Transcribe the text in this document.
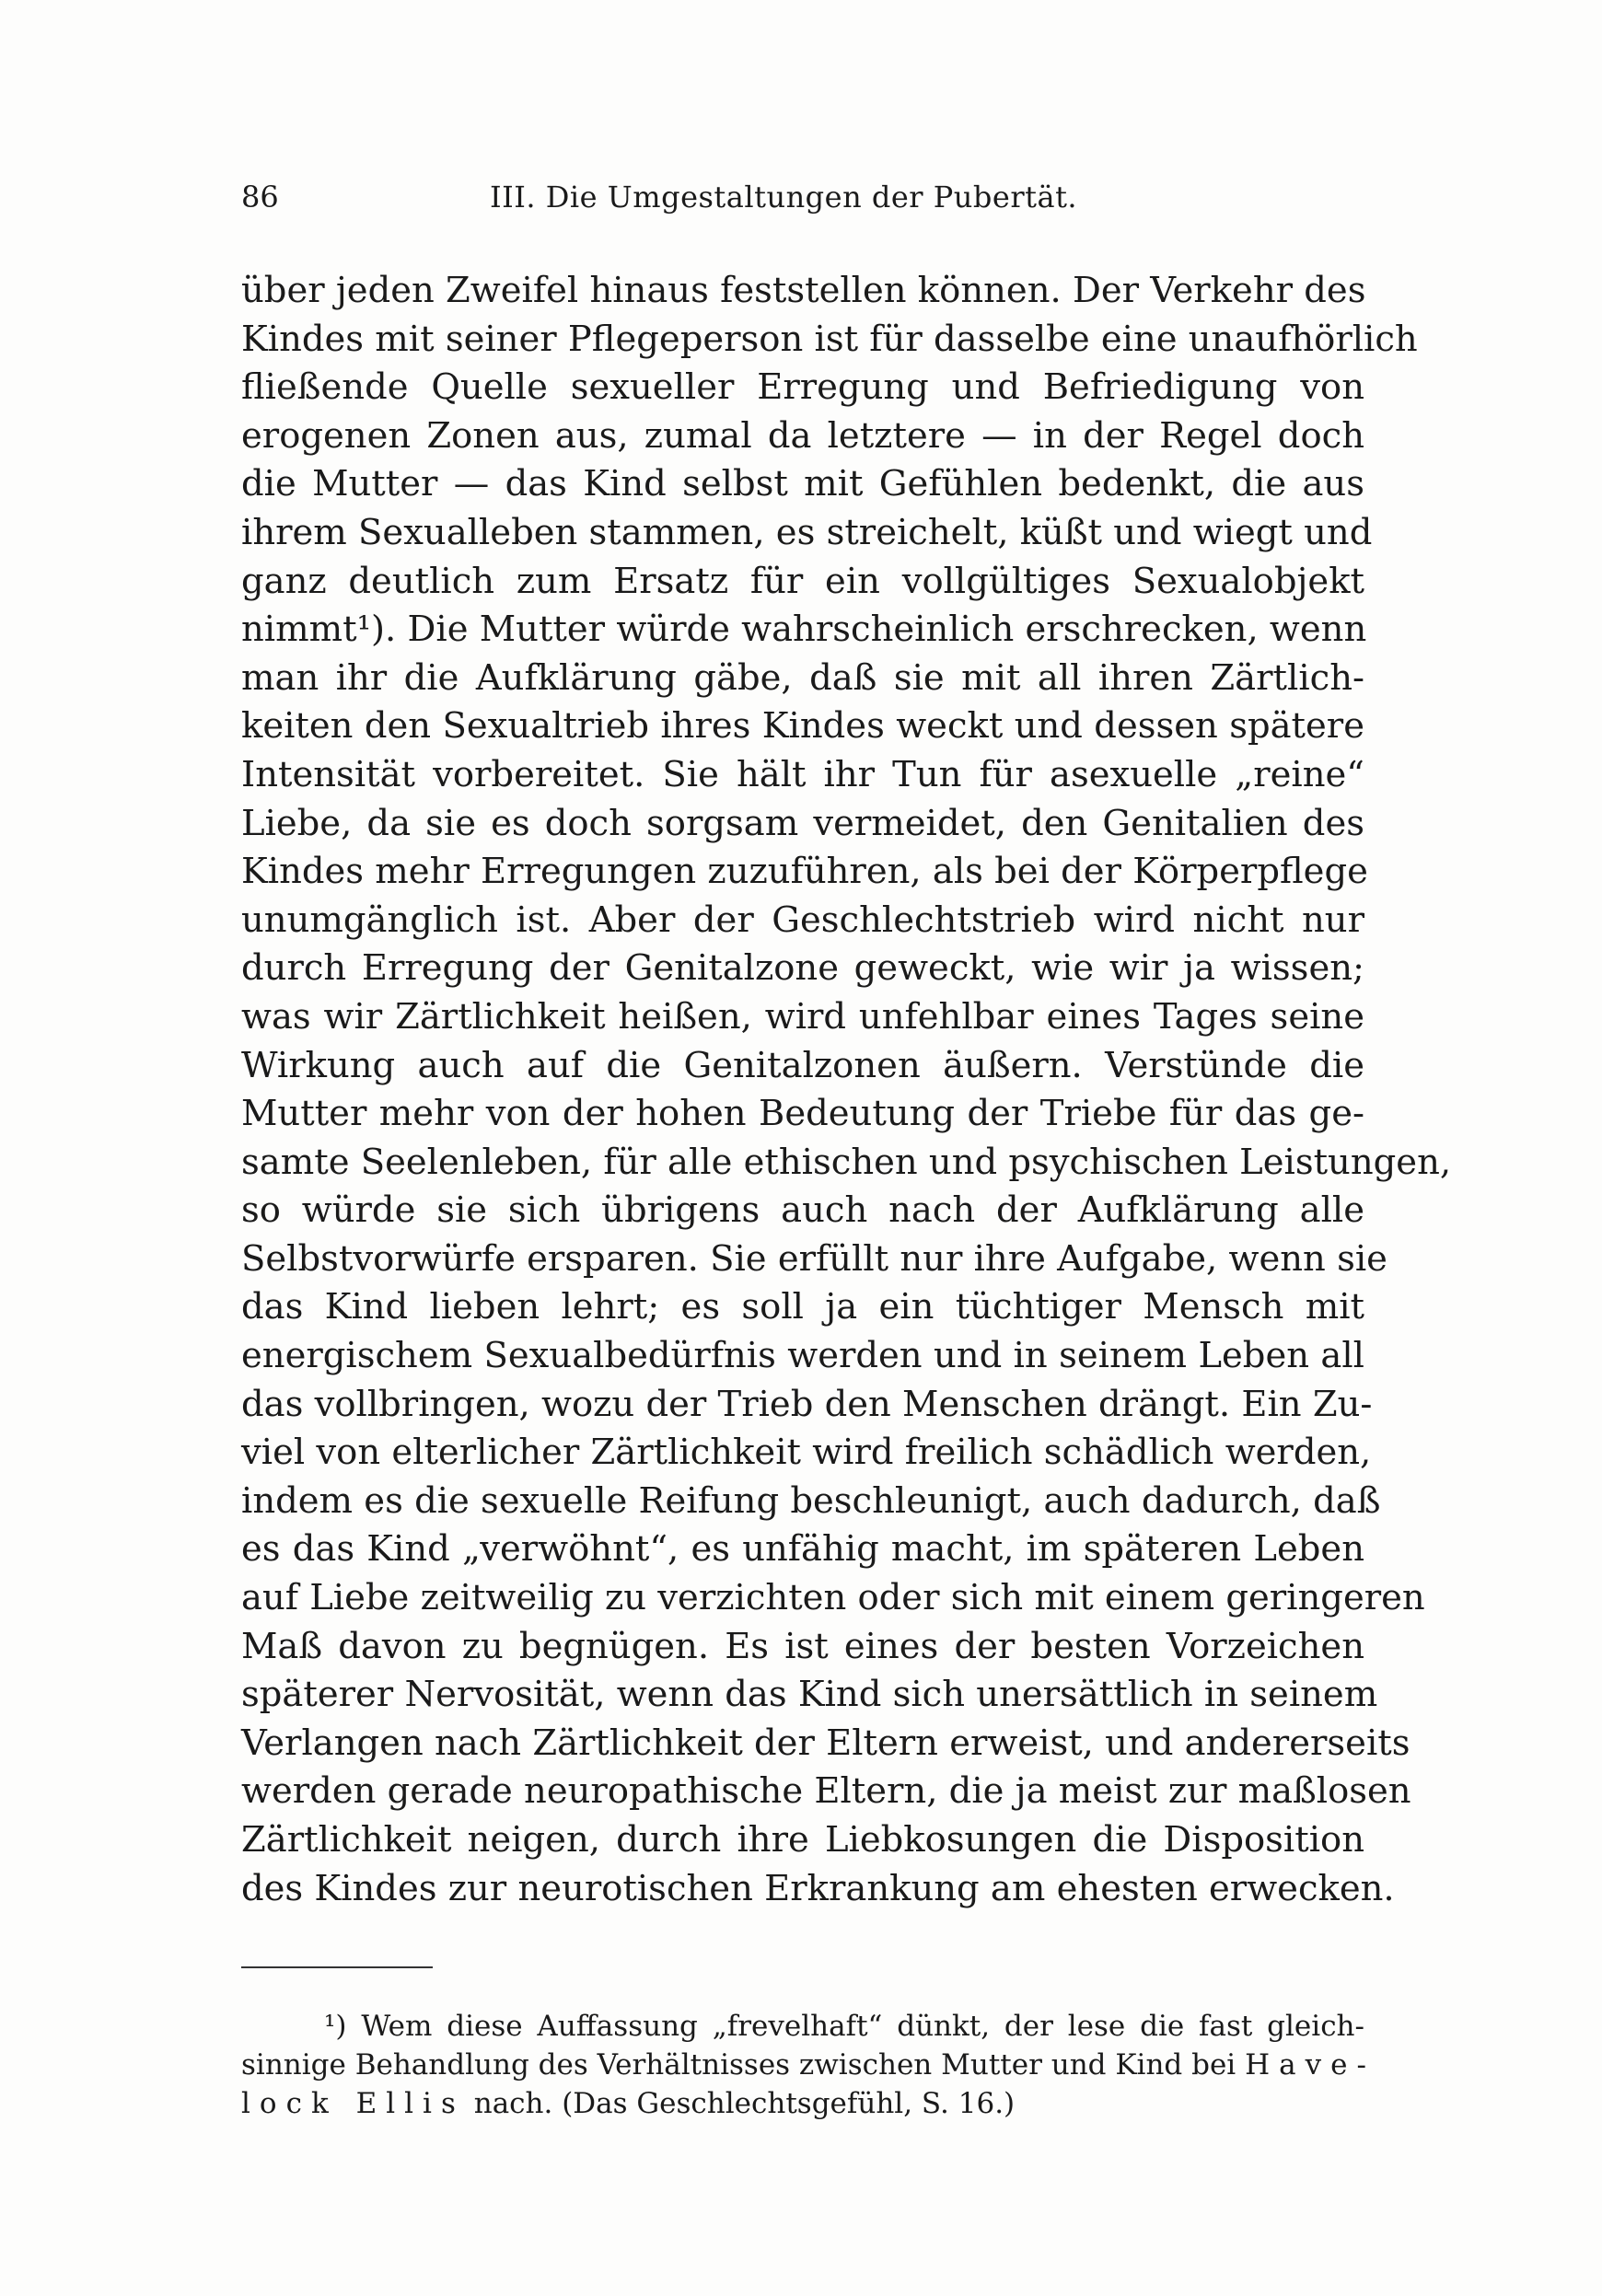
86	III. Die Umgestaltungen der Pubertät.
über jeden Zweifel hinaus feststellen können. Der Verkehr des
Kindes mit seiner Pflegeperson ist für dasselbe eine unaufhörlich
fließende Quelle sexueller Erregung und Befriedigung von
erogenen Zonen aus, zumal da letztere — in der Regel doch
die Mutter — das Kind selbst mit Gefühlen bedenkt, die aus
ihrem Sexualleben stammen, es streichelt, küßt und wiegt und
ganz deutlich zum Ersatz für ein vollgültiges Sexualobjekt
nimmt¹). Die Mutter würde wahrscheinlich erschrecken, wenn
man ihr die Aufklärung gäbe, daß sie mit all ihren Zärtlich-
keiten den Sexualtrieb ihres Kindes weckt und dessen spätere
Intensität vorbereitet. Sie hält ihr Tun für asexuelle „reine“
Liebe, da sie es doch sorgsam vermeidet, den Genitalien des
Kindes mehr Erregungen zuzuführen, als bei der Körperpflege
unumgänglich ist. Aber der Geschlechtstrieb wird nicht nur
durch Erregung der Genitalzone geweckt, wie wir ja wissen;
was wir Zärtlichkeit heißen, wird unfehlbar eines Tages seine
Wirkung auch auf die Genitalzonen äußern. Verstünde die
Mutter mehr von der hohen Bedeutung der Triebe für das ge-
samte Seelenleben, für alle ethischen und psychischen Leistungen,
so würde sie sich übrigens auch nach der Aufklärung alle
Selbstvorwürfe ersparen. Sie erfüllt nur ihre Aufgabe, wenn sie
das Kind lieben lehrt; es soll ja ein tüchtiger Mensch mit
energischem Sexualbedürfnis werden und in seinem Leben all
das vollbringen, wozu der Trieb den Menschen drängt. Ein Zu-
viel von elterlicher Zärtlichkeit wird freilich schädlich werden,
indem es die sexuelle Reifung beschleunigt, auch dadurch, daß
es das Kind „verwöhnt“, es unfähig macht, im späteren Leben
auf Liebe zeitweilig zu verzichten oder sich mit einem geringeren
Maß davon zu begnügen. Es ist eines der besten Vorzeichen
späterer Nervosität, wenn das Kind sich unersättlich in seinem
Verlangen nach Zärtlichkeit der Eltern erweist, und andererseits
werden gerade neuropathische Eltern, die ja meist zur maßlosen
Zärtlichkeit neigen, durch ihre Liebkosungen die Disposition
des Kindes zur neurotischen Erkrankung am ehesten erwecken.
¹) Wem diese Auffassung „frevelhaft“ dünkt, der lese die fast gleich-
sinnige Behandlung des Verhältnisses zwischen Mutter und Kind bei Have-
lock Ellis nach. (Das Geschlechtsgefühl, S. 16.)
